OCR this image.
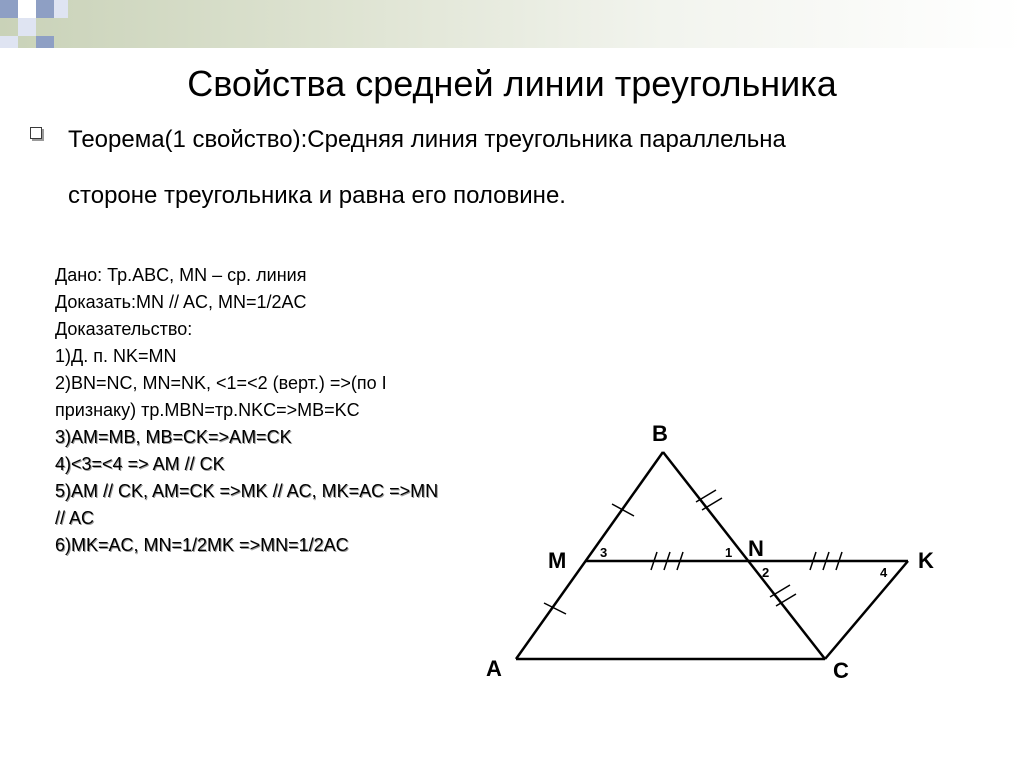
Свойства средней линии треугольника
Теорема(1 свойство):Средняя линия треугольника параллельна
стороне треугольника и равна его половине.
Дано: Тр.ABC, MN – ср. линия
Доказать:MN // AC, MN=1/2AC
Доказательство:
1)Д. п. NK=MN
2)BN=NC, MN=NK, <1=<2 (верт.) =>(по I
признаку) тр.MBN=тр.NKC=>MB=KC
3)AM=MB, MB=CK=>AM=CK
4)<3=<4 => AM // CK
5)AM // CK, AM=CK =>MK // AC, MK=AC =>MN
// AC
6)MK=AC, MN=1/2MK =>MN=1/2AC
B
M	N	K
A	C
3	1
2	4
